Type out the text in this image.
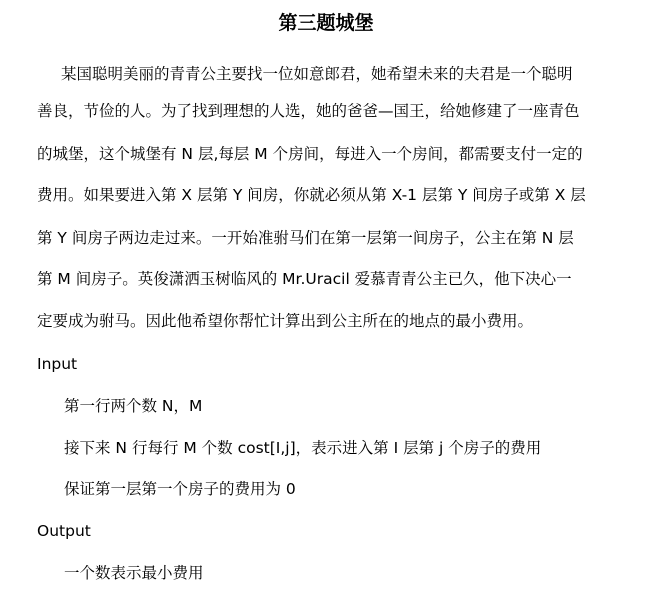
第三题城堡
某国聪明美丽的青青公主要找一位如意郎君，她希望未来的夫君是一个聪明
善良，节俭的人。为了找到理想的人选，她的爸爸—国王，给她修建了一座青色
的城堡，这个城堡有 N 层,每层 M 个房间，每进入一个房间，都需要支付一定的
费用。如果要进入第 X 层第 Y 间房，你就必须从第 X-1 层第 Y 间房子或第 X 层
第 Y 间房子两边走过来。一开始准驸马们在第一层第一间房子，公主在第 N 层
第 M 间房子。英俊潇洒玉树临风的 Mr.Uracil 爱慕青青公主已久，他下决心一
定要成为驸马。因此他希望你帮忙计算出到公主所在的地点的最小费用。
Input
第一行两个数 N，M
接下来 N 行每行 M 个数 cost[I,j]，表示进入第 I 层第 j 个房子的费用
保证第一层第一个房子的费用为 0
Output
一个数表示最小费用
